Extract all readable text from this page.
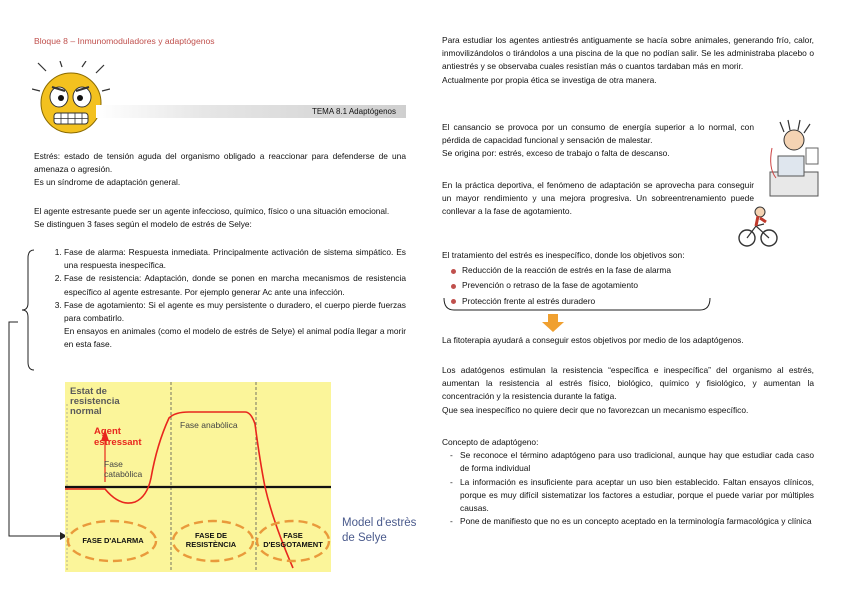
Bloque 8 – Inmunomoduladores y adaptógenos
TEMA 8.1 Adaptógenos

Estrés: estado de tensión aguda del organismo obligado a reaccionar para defenderse de una amenaza o agresión.

Es un síndrome de adaptación general.

El agente estresante puede ser un agente infeccioso, químico, físico o una situación emocional.

Se distinguen 3 fases según el modelo de estrés de Selye:

1. Fase de alarma: Respuesta inmediata. Principalmente activación de sistema simpático. Es una respuesta inespecífica.
2. Fase de resistencia: Adaptación, donde se ponen en marcha mecanismos de resistencia específico al agente estresante. Por ejemplo generar Ac ante una infección.
3. Fase de agotamiento: Si el agente es muy persistente o duradero, el cuerpo pierde fuerzas para combatirlo.

En ensayos en animales (como el modelo de estrés de Selye) el animal podía llegar a morir en esta fase.

Estat de resistencia normal
Agent estressant
Fase catabòlica
Fase anabòlica
FASE D'ALARMA
FASE DE RESISTÈNCIA
FASE D'ESGOTAMENT
Model d'estrès de Selye

Para estudiar los agentes antiestrés antiguamente se hacía sobre animales, generando frío, calor, inmovilizándolos o tirándolos a una piscina de la que no podían salir. Se les administraba placebo o antiestrés y se observaba cuales resistían más o cuantos tardaban más en morir.

Actualmente por propia ética se investiga de otra manera.

El cansancio se provoca por un consumo de energía superior a lo normal, con pérdida de capacidad funcional y sensación de malestar.

Se origina por: estrés, exceso de trabajo o falta de descanso.

En la práctica deportiva, el fenómeno de adaptación se aprovecha para conseguir un mayor rendimiento y una mejora progresiva. Un sobreentrenamiento puede conllevar a la fase de agotamiento.

El tratamiento del estrés es inespecífico, donde los objetivos son:

Reducción de la reacción de estrés en la fase de alarma
Prevención o retraso de la fase de agotamiento
Protección frente al estrés duradero
La fitoterapia ayudará a conseguir estos objetivos por medio de los adaptógenos.

Los adatógenos estimulan la resistencia “específica e inespecífica” del organismo al estrés, aumentan la resistencia al estrés físico, biológico, químico y fisiológico, y aumentan la concentración y la resistencia durante la fatiga.

Que sea inespecífico no quiere decir que no favorezcan un mecanismo específico.

Concepto de adaptógeno:

- Se reconoce el término adaptógeno para uso tradicional, aunque hay que estudiar cada caso de forma individual
- La información es insuficiente para aceptar un uso bien establecido. Faltan ensayos clínicos, porque es muy difícil sistematizar los factores a estudiar, porque el puede variar por múltiples causas.
- Pone de manifiesto que no es un concepto aceptado en la terminología farmacológica y clínica
